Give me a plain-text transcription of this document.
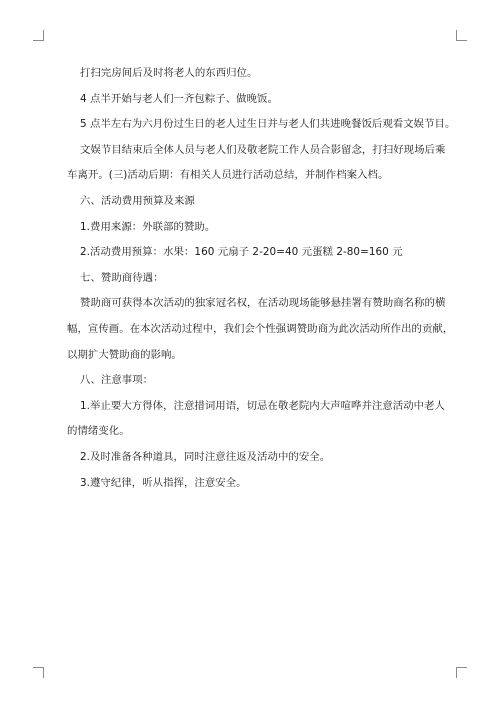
打扫完房间后及时将老人的东西归位。

4 点半开始与老人们一齐包粽子、做晚饭。

5 点半左右为六月份过生日的老人过生日并与老人们共进晚餐饭后观看文娱节目。

文娱节目结束后全体人员与老人们及敬老院工作人员合影留念，打扫好现场后乘

车离开。(三)活动后期：有相关人员进行活动总结，并制作档案入档。

六、活动费用预算及来源

1.费用来源：外联部的赞助。

2.活动费用预算：水果：160 元扇子 2-20=40 元蛋糕 2-80=160 元

七、赞助商待遇：

赞助商可获得本次活动的独家冠名权，在活动现场能够悬挂署有赞助商名称的横

幅，宣传画。在本次活动过程中，我们会个性强调赞助商为此次活动所作出的贡献，

以期扩大赞助商的影响。

八、注意事项：

1.举止要大方得体，注意措词用语，切忌在敬老院内大声喧哗并注意活动中老人

的情绪变化。

2.及时准备各种道具，同时注意往返及活动中的安全。

3.遵守纪律，听从指挥，注意安全。
